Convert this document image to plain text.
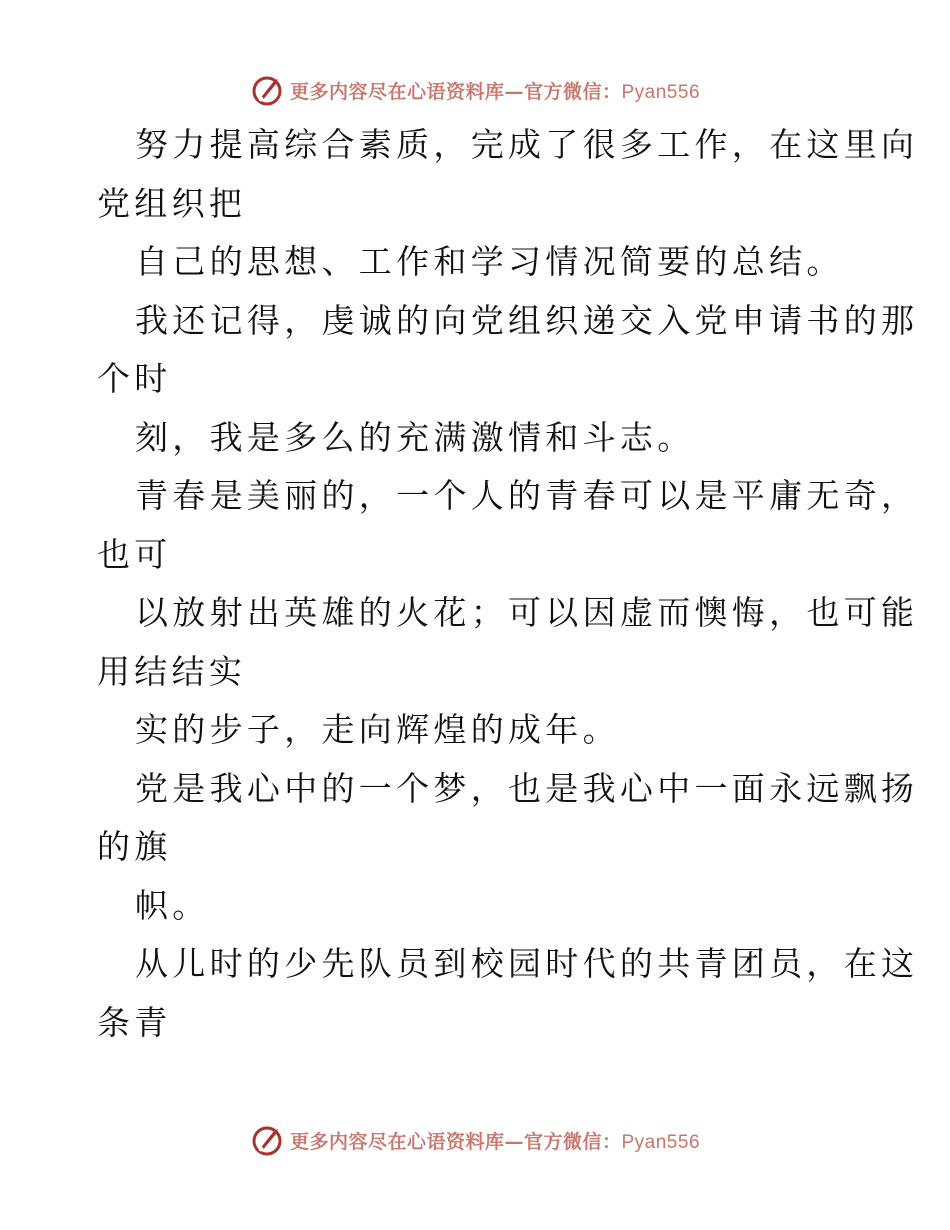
更多内容尽在心语资料库—官方微信：Pyan556
努力提高综合素质，完成了很多工作，在这里向
党组织把
自己的思想、工作和学习情况简要的总结。
我还记得，虔诚的向党组织递交入党申请书的那
个时
刻，我是多么的充满激情和斗志。
青春是美丽的，一个人的青春可以是平庸无奇，
也可
以放射出英雄的火花；可以因虚而懊悔，也可能
用结结实
实的步子，走向辉煌的成年。
党是我心中的一个梦，也是我心中一面永远飘扬
的旗
帜。
从儿时的少先队员到校园时代的共青团员，在这
条青
更多内容尽在心语资料库—官方微信：Pyan556
